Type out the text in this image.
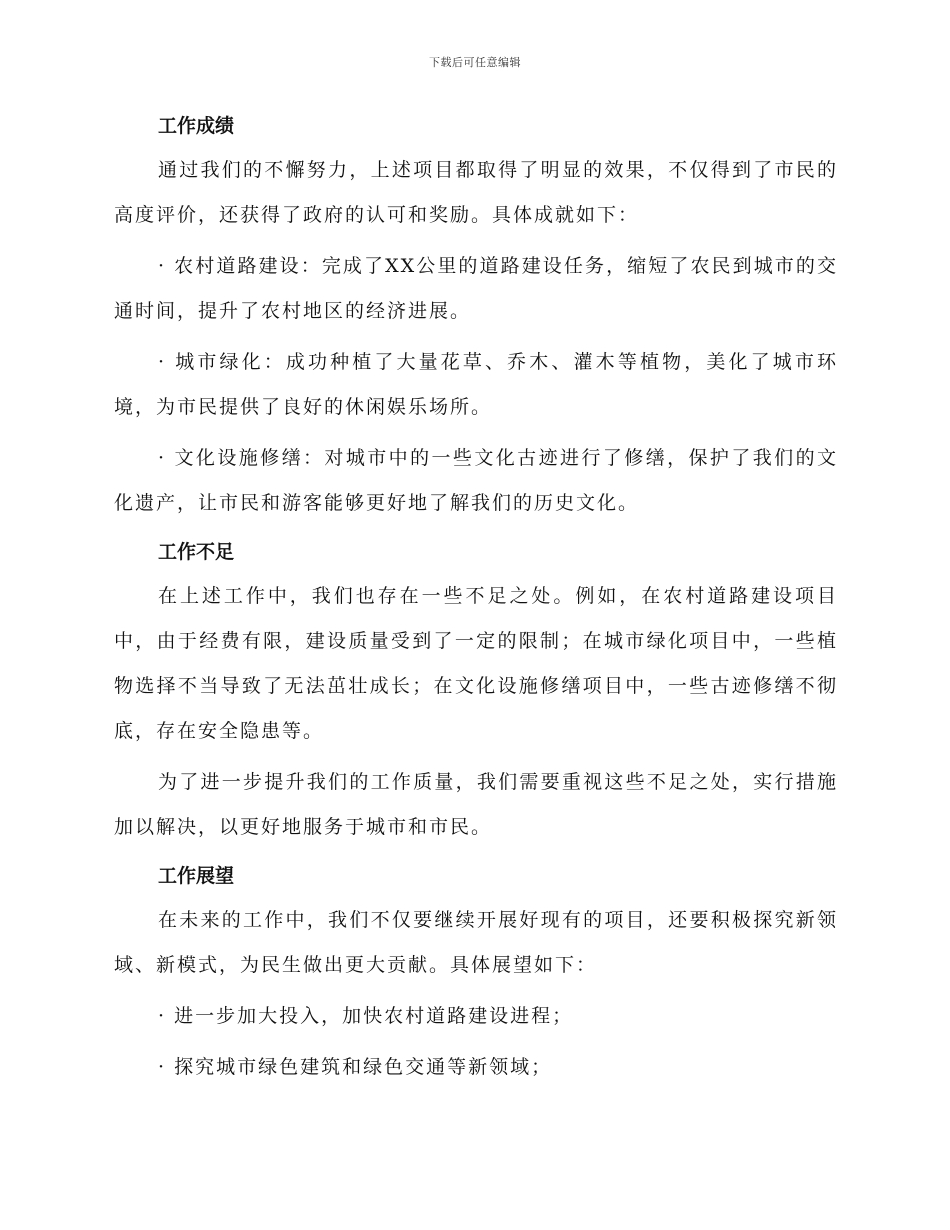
下载后可任意编辑
工作成绩

通过我们的不懈努力，上述项目都取得了明显的效果，不仅得到了市民的高度评价，还获得了政府的认可和奖励。具体成就如下：

· 农村道路建设：完成了XX公里的道路建设任务，缩短了农民到城市的交通时间，提升了农村地区的经济进展。

· 城市绿化：成功种植了大量花草、乔木、灌木等植物，美化了城市环境，为市民提供了良好的休闲娱乐场所。

· 文化设施修缮：对城市中的一些文化古迹进行了修缮，保护了我们的文化遗产，让市民和游客能够更好地了解我们的历史文化。

工作不足

在上述工作中，我们也存在一些不足之处。例如，在农村道路建设项目中，由于经费有限，建设质量受到了一定的限制；在城市绿化项目中，一些植物选择不当导致了无法茁壮成长；在文化设施修缮项目中，一些古迹修缮不彻底，存在安全隐患等。

为了进一步提升我们的工作质量，我们需要重视这些不足之处，实行措施加以解决，以更好地服务于城市和市民。

工作展望

在未来的工作中，我们不仅要继续开展好现有的项目，还要积极探究新领域、新模式，为民生做出更大贡献。具体展望如下：

· 进一步加大投入，加快农村道路建设进程；

· 探究城市绿色建筑和绿色交通等新领域；
